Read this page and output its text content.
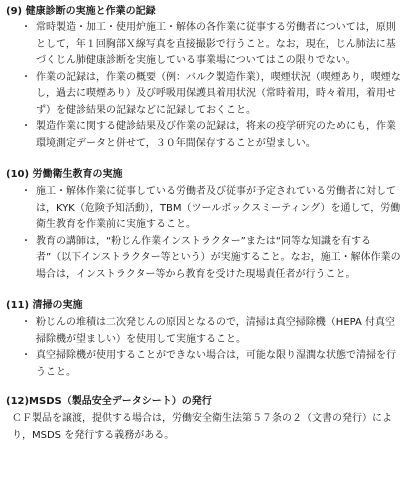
(9) 健康診断の実施と作業の記録

・ 常時製造・加工・使用炉施工・解体の各作業に従事する労働者については，原則として，年１回胸部Ｘ線写真を直接撮影で行うこと。なお，現在，じん肺法に基づくじん肺健康診断を実施している事業場についてはこの限りでない。
・ 作業の記録は，作業の概要（例：バルク製造作業），喫煙状況（喫煙あり，喫煙なし，過去に喫煙あり）及び呼吸用保護具着用状況（常時着用，時々着用，着用せず）を健診結果の記録などに記録しておくこと。
・ 製造作業に関する健診結果及び作業の記録は，将来の疫学研究のためにも，作業環境測定データと併せて，３０年間保存することが望ましい。

(10) 労働衛生教育の実施

・ 施工・解体作業に従事している労働者及び従事が予定されている労働者に対しては，KYK（危険予知活動），TBM（ツールボックスミーティング）を通して，労働衛生教育を作業前に実施すること。
・ 教育の講師は，“粉じん作業インストラクター”または“同等な知識を有する者”（以下インストラクター等という）が実施すること。なお，施工・解体作業の場合は，インストラクター等から教育を受けた現場責任者が行うこと。

(11) 清掃の実施

・ 粉じんの堆積は二次発じんの原因となるので，清掃は真空掃除機（HEPA 付真空掃除機が望ましい）を使用して実施すること。
・ 真空掃除機が使用することができない場合は，可能な限り湿潤な状態で清掃を行うこと。

(12)MSDS（製品安全データシート）の発行

ＣＦ製品を譲渡，提供する場合は，労働安全衛生法第５７条の２（文書の発行）により，MSDS を発行する義務がある。
